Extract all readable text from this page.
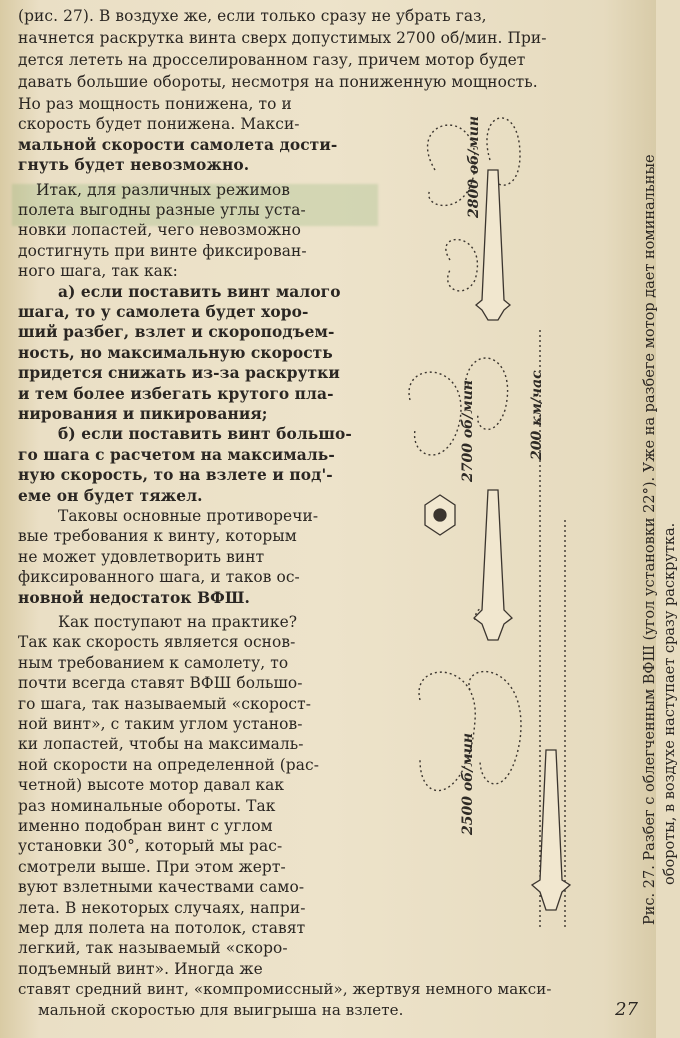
(рис. 27). В воздухе же, если только сразу не убрать газ,
начнется раскрутка винта сверх допустимых 2700 об/мин. При-
дется лететь на дросселированном газу, причем мотор будет
давать большие обороты, несмотря на пониженную мощность.
Но раз мощность понижена, то и
скорость будет понижена. Макси-
мальной скорости самолета дости-
гнуть будет невозможно.
Итак, для различных режимов
полета выгодны разные углы уста-
новки лопастей, чего невозможно
достигнуть при винте фиксирован-
ного шага, так как:
а) если поставить винт малого
шага, то у самолета будет хоро-
ший разбег, взлет и скороподъем-
ность, но максимальную скорость
придется снижать из-за раскрутки
и тем более избегать крутого пла-
нирования и пикирования;
б) если поставить винт большо-
го шага с расчетом на максималь-
ную скорость, то на взлете и под'-
еме он будет тяжел.
Таковы основные противоречи-
вые требования к винту, которым
не может удовлетворить винт
фиксированного шага, и таков ос-
новной недостаток ВФШ.
Как поступают на практике?
Так как скорость является основ-
ным требованием к самолету, то
почти всегда ставят ВФШ большо-
го шага, так называемый «скорост-
ной винт», с таким углом установ-
ки лопастей, чтобы на максималь-
ной скорости на определенной (рас-
четной) высоте мотор давал как
раз номинальные обороты. Так
именно подобран винт с углом
установки 30°, который мы рас-
смотрели выше. При этом жерт-
вуют взлетными качествами само-
лета. В некоторых случаях, напри-
мер для полета на потолок, ставят
легкий, так называемый «скоро-
подъемный винт». Иногда же
2800 об/мин
2700 об/мин	200 км/час
2500 об/мин	Рис. 27. Разбег с облегченным ВФШ (угол установки 22°). Уже на разбеге мотор дает номинальные обороты, в воздухе наступает сразу раскрутка.
ставят средний винт, «компромиссный», жертвуя немного макси-
мальной скоростью для выигрыша на взлете.	27
